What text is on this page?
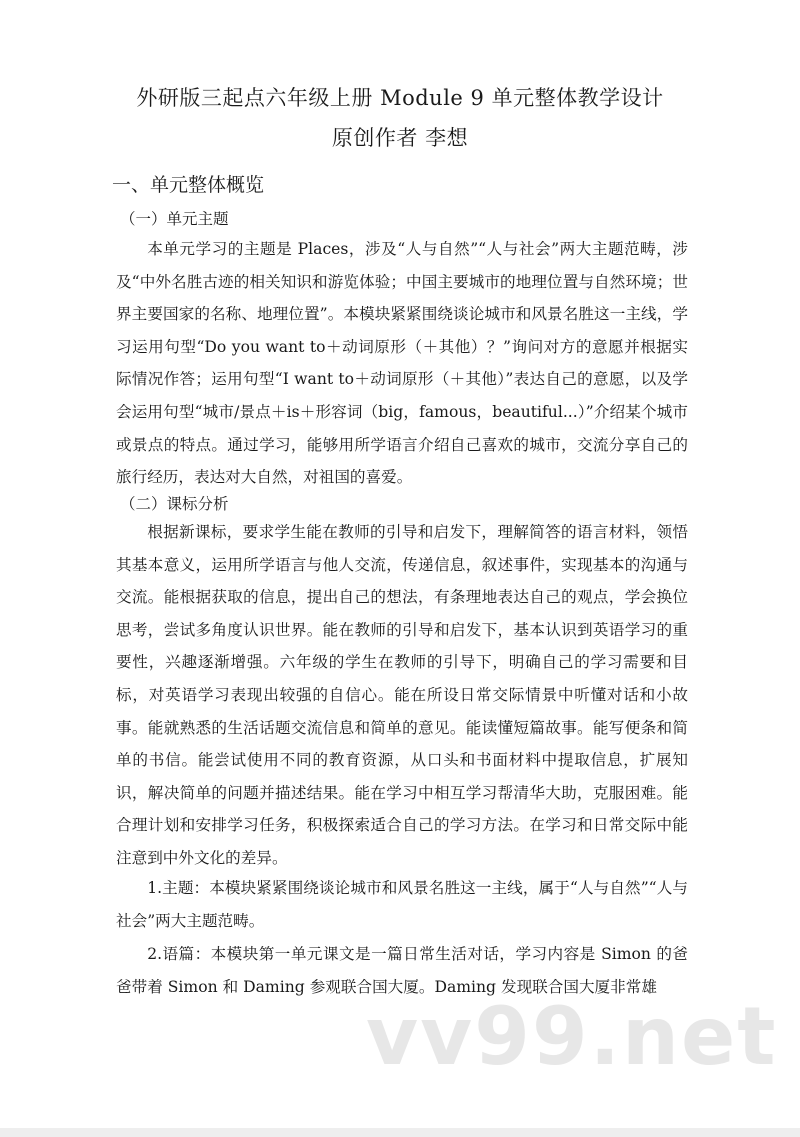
外研版三起点六年级上册 Module 9 单元整体教学设计
原创作者 李想
一、单元整体概览
（一）单元主题

本单元学习的主题是 Places，涉及“人与自然”“人与社会”两大主题范畴，涉及“中外名胜古迹的相关知识和游览体验；中国主要城市的地理位置与自然环境；世界主要国家的名称、地理位置”。本模块紧紧围绕谈论城市和风景名胜这一主线，学习运用句型“Do you want to＋动词原形（＋其他）？”询问对方的意愿并根据实际情况作答；运用句型“I want to＋动词原形（＋其他）”表达自己的意愿，以及学会运用句型“城市/景点＋is＋形容词（big，famous，beautiful...）”介绍某个城市或景点的特点。通过学习，能够用所学语言介绍自己喜欢的城市，交流分享自己的旅行经历，表达对大自然，对祖国的喜爱。

（二）课标分析

根据新课标，要求学生能在教师的引导和启发下，理解简答的语言材料，领悟其基本意义，运用所学语言与他人交流，传递信息，叙述事件，实现基本的沟通与交流。能根据获取的信息，提出自己的想法，有条理地表达自己的观点，学会换位思考，尝试多角度认识世界。能在教师的引导和启发下，基本认识到英语学习的重要性，兴趣逐渐增强。六年级的学生在教师的引导下，明确自己的学习需要和目标，对英语学习表现出较强的自信心。能在所设日常交际情景中听懂对话和小故事。能就熟悉的生活话题交流信息和简单的意见。能读懂短篇故事。能写便条和简单的书信。能尝试使用不同的教育资源，从口头和书面材料中提取信息，扩展知识，解决简单的问题并描述结果。能在学习中相互学习帮清华大助，克服困难。能合理计划和安排学习任务，积极探索适合自己的学习方法。在学习和日常交际中能注意到中外文化的差异。

1.主题：本模块紧紧围绕谈论城市和风景名胜这一主线，属于“人与自然”“人与社会”两大主题范畴。

2.语篇：本模块第一单元课文是一篇日常生活对话，学习内容是 Simon 的爸爸带着 Simon 和 Daming 参观联合国大厦。Daming 发现联合国大厦非常雄

vv99.net
